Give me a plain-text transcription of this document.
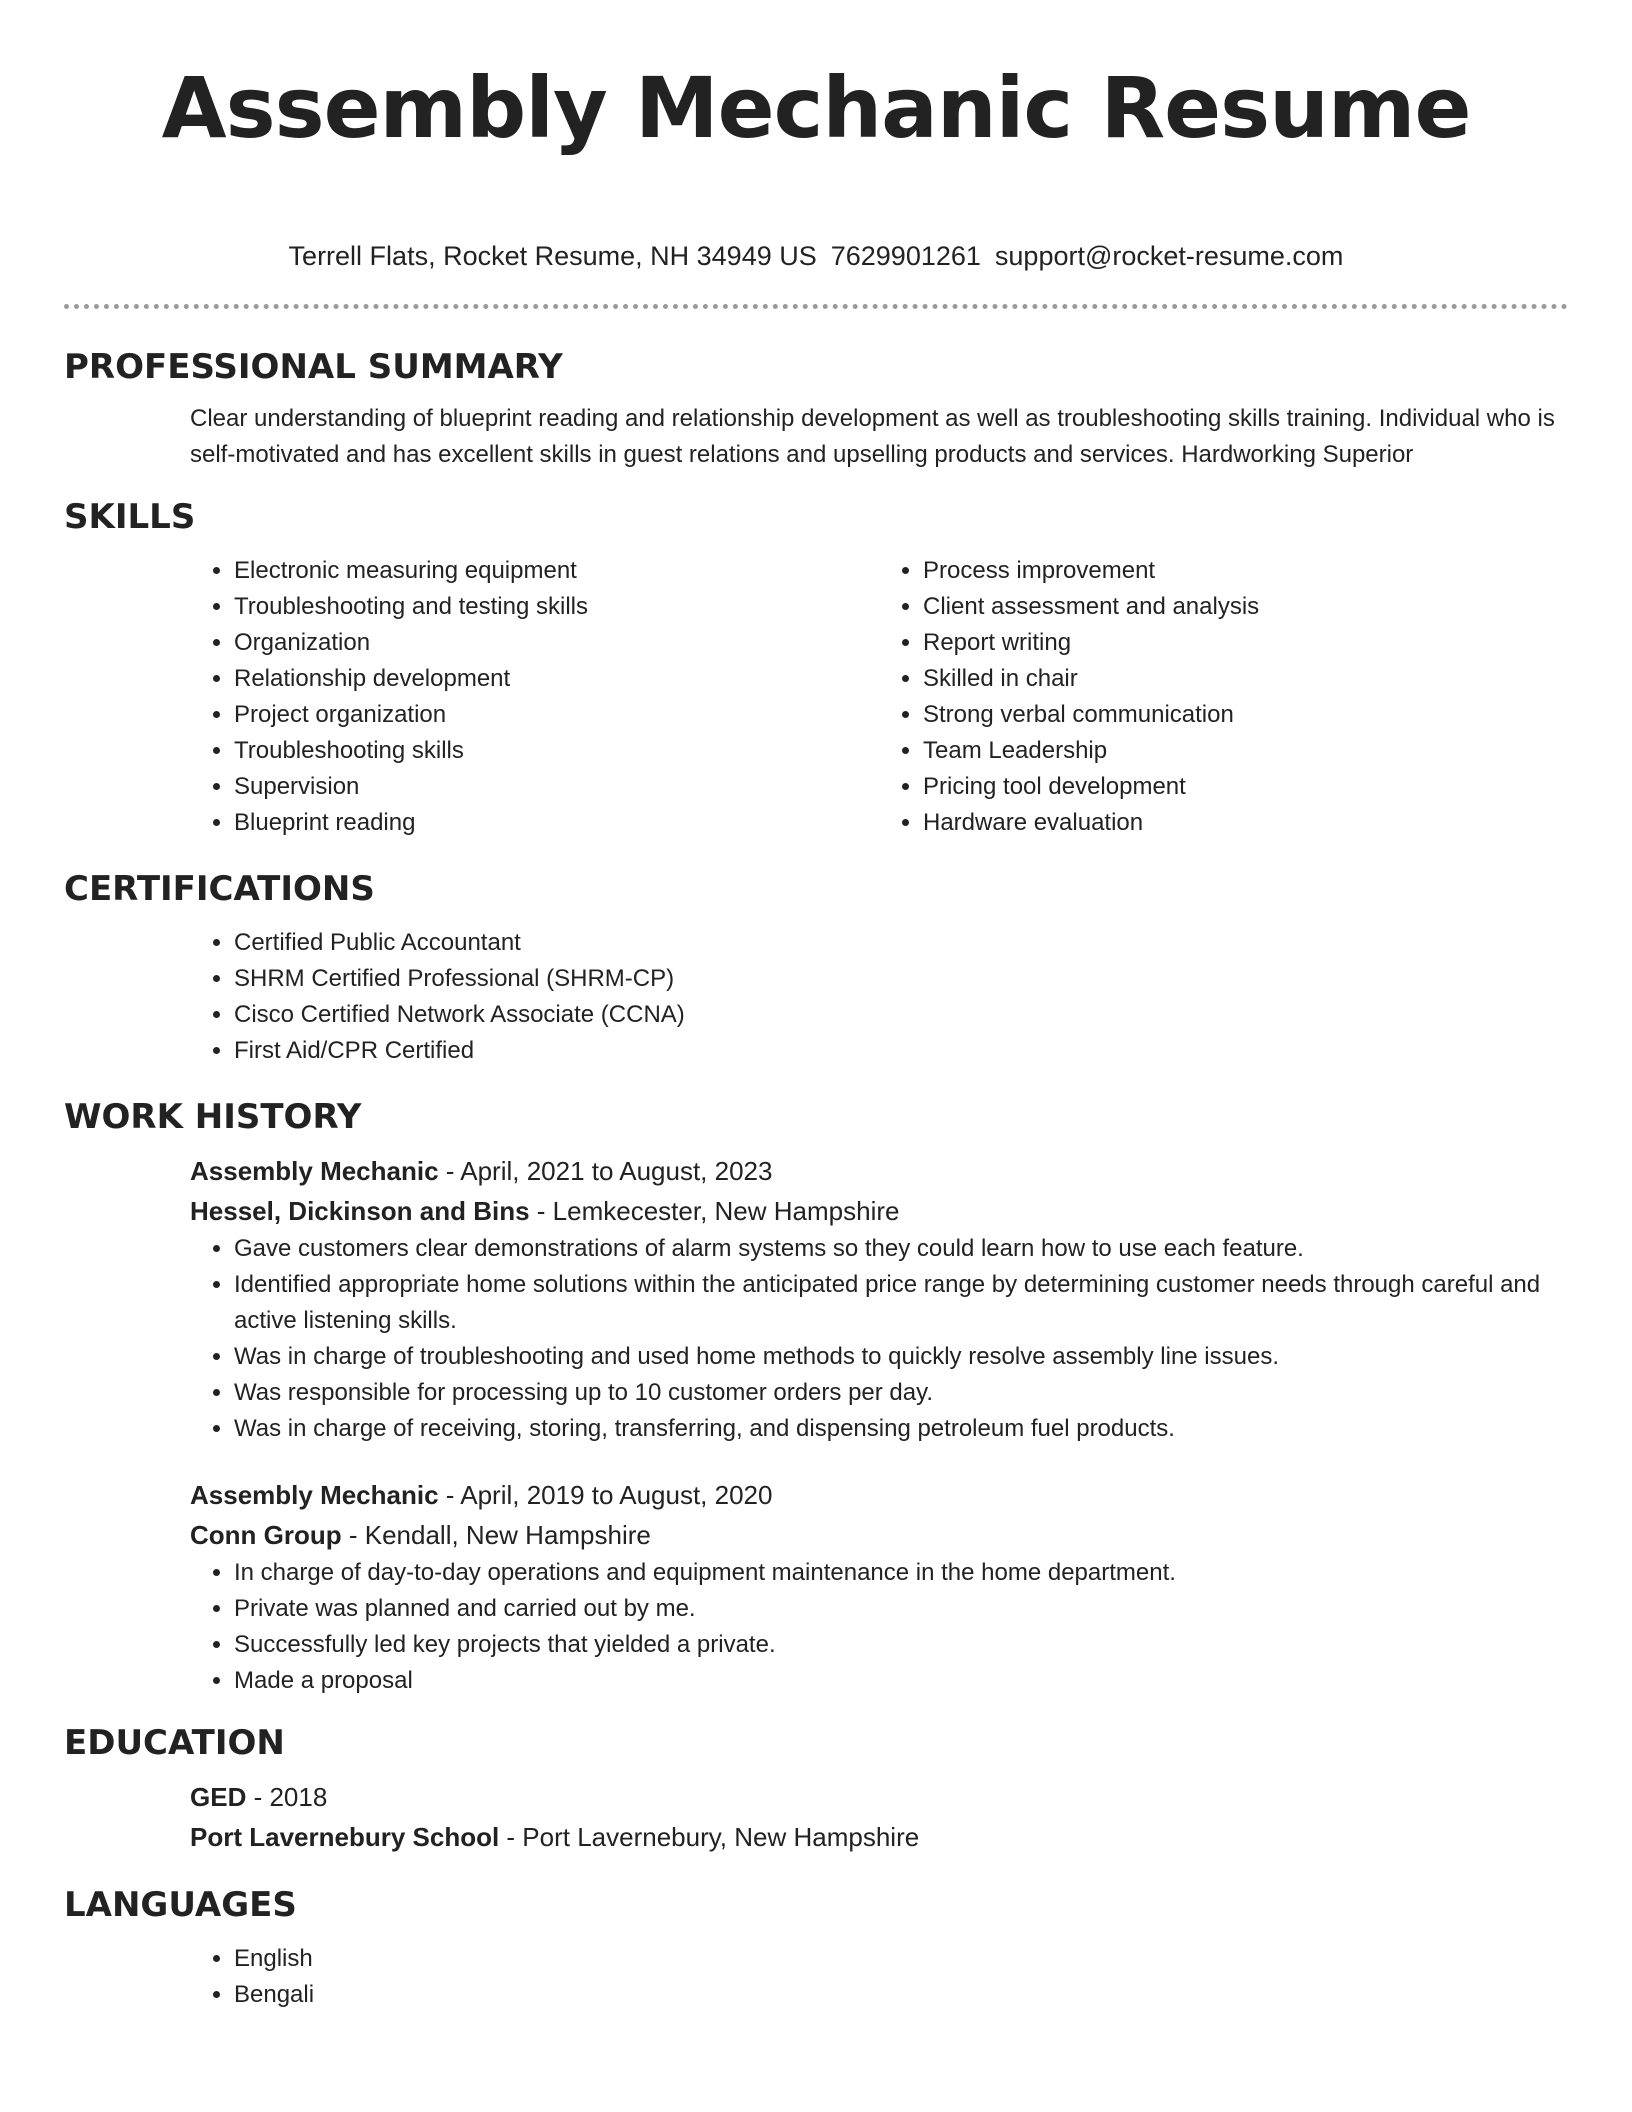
Assembly Mechanic Resume
Terrell Flats, Rocket Resume, NH 34949 US 7629901261 support@rocket-resume.com
PROFESSIONAL SUMMARY

Clear understanding of blueprint reading and relationship development as well as troubleshooting skills training. Individual who is self-motivated and has excellent skills in guest relations and upselling products and services. Hardworking Superior

SKILLS
• Electronic measuring equipment
• Troubleshooting and testing skills
• Organization
• Relationship development
• Project organization
• Troubleshooting skills
• Supervision
• Blueprint reading
• Process improvement
• Client assessment and analysis
• Report writing
• Skilled in chair
• Strong verbal communication
• Team Leadership
• Pricing tool development
• Hardware evaluation
CERTIFICATIONS
• Certified Public Accountant
• SHRM Certified Professional (SHRM-CP)
• Cisco Certified Network Associate (CCNA)
• First Aid/CPR Certified
WORK HISTORY
Assembly Mechanic - April, 2021 to August, 2023
Hessel, Dickinson and Bins - Lemkecester, New Hampshire
• Gave customers clear demonstrations of alarm systems so they could learn how to use each feature.
• Identified appropriate home solutions within the anticipated price range by determining customer needs through careful and active listening skills.
• Was in charge of troubleshooting and used home methods to quickly resolve assembly line issues.
• Was responsible for processing up to 10 customer orders per day.
• Was in charge of receiving, storing, transferring, and dispensing petroleum fuel products.
Assembly Mechanic - April, 2019 to August, 2020
Conn Group - Kendall, New Hampshire
• In charge of day-to-day operations and equipment maintenance in the home department.
• Private was planned and carried out by me.
• Successfully led key projects that yielded a private.
• Made a proposal
EDUCATION
GED - 2018
Port Lavernebury School - Port Lavernebury, New Hampshire
LANGUAGES
• English
• Bengali
